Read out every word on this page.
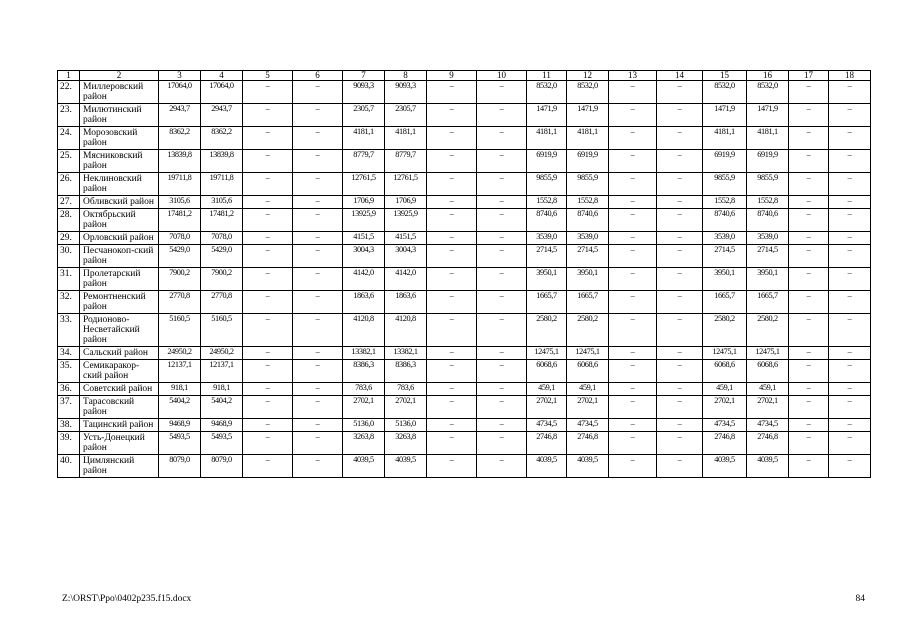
1	2	3	4	5	6	7	8	9	10	11	12	13	14	15	16	17	18
22.	Миллеровский район	17064,0	17064,0	–	–	9093,3	9093,3	–	–	8532,0	8532,0	–	–	8532,0	8532,0	–	–
23.	Милютинский район	2943,7	2943,7	–	–	2305,7	2305,7	–	–	1471,9	1471,9	–	–	1471,9	1471,9	–	–
24.	Морозовский район	8362,2	8362,2	–	–	4181,1	4181,1	–	–	4181,1	4181,1	–	–	4181,1	4181,1	–	–
25.	Мясниковский район	13839,8	13839,8	–	–	8779,7	8779,7	–	–	6919,9	6919,9	–	–	6919,9	6919,9	–	–
26.	Неклиновский район	19711,8	19711,8	–	–	12761,5	12761,5	–	–	9855,9	9855,9	–	–	9855,9	9855,9	–	–
27.	Обливский район	3105,6	3105,6	–	–	1706,9	1706,9	–	–	1552,8	1552,8	–	–	1552,8	1552,8	–	–
28.	Октябрьский район	17481,2	17481,2	–	–	13925,9	13925,9	–	–	8740,6	8740,6	–	–	8740,6	8740,6	–	–
29.	Орловский район	7078,0	7078,0	–	–	4151,5	4151,5	–	–	3539,0	3539,0	–	–	3539,0	3539,0	–	–
30.	Песчанокоп-ский район	5429,0	5429,0	–	–	3004,3	3004,3	–	–	2714,5	2714,5	–	–	2714,5	2714,5	–	–
31.	Пролетарский район	7900,2	7900,2	–	–	4142,0	4142,0	–	–	3950,1	3950,1	–	–	3950,1	3950,1	–	–
32.	Ремонтненский район	2770,8	2770,8	–	–	1863,6	1863,6	–	–	1665,7	1665,7	–	–	1665,7	1665,7	–	–
33.	Родионово-Несветайский район	5160,5	5160,5	–	–	4120,8	4120,8	–	–	2580,2	2580,2	–	–	2580,2	2580,2	–	–
34.	Сальский район	24950,2	24950,2	–	–	13382,1	13382,1	–	–	12475,1	12475,1	–	–	12475,1	12475,1	–	–
35.	Семикаракор-ский район	12137,1	12137,1	–	–	8386,3	8386,3	–	–	6068,6	6068,6	–	–	6068,6	6068,6	–	–
36.	Советский район	918,1	918,1	–	–	783,6	783,6	–	–	459,1	459,1	–	–	459,1	459,1	–	–
37.	Тарасовский район	5404,2	5404,2	–	–	2702,1	2702,1	–	–	2702,1	2702,1	–	–	2702,1	2702,1	–	–
38.	Тацинский район	9468,9	9468,9	–	–	5136,0	5136,0	–	–	4734,5	4734,5	–	–	4734,5	4734,5	–	–
39.	Усть-Донецкий район	5493,5	5493,5	–	–	3263,8	3263,8	–	–	2746,8	2746,8	–	–	2746,8	2746,8	–	–
40.	Цимлянский район	8079,0	8079,0	–	–	4039,5	4039,5	–	–	4039,5	4039,5	–	–	4039,5	4039,5	–	–
Z:\ORST\Ppo\0402p235.f15.docx	84
